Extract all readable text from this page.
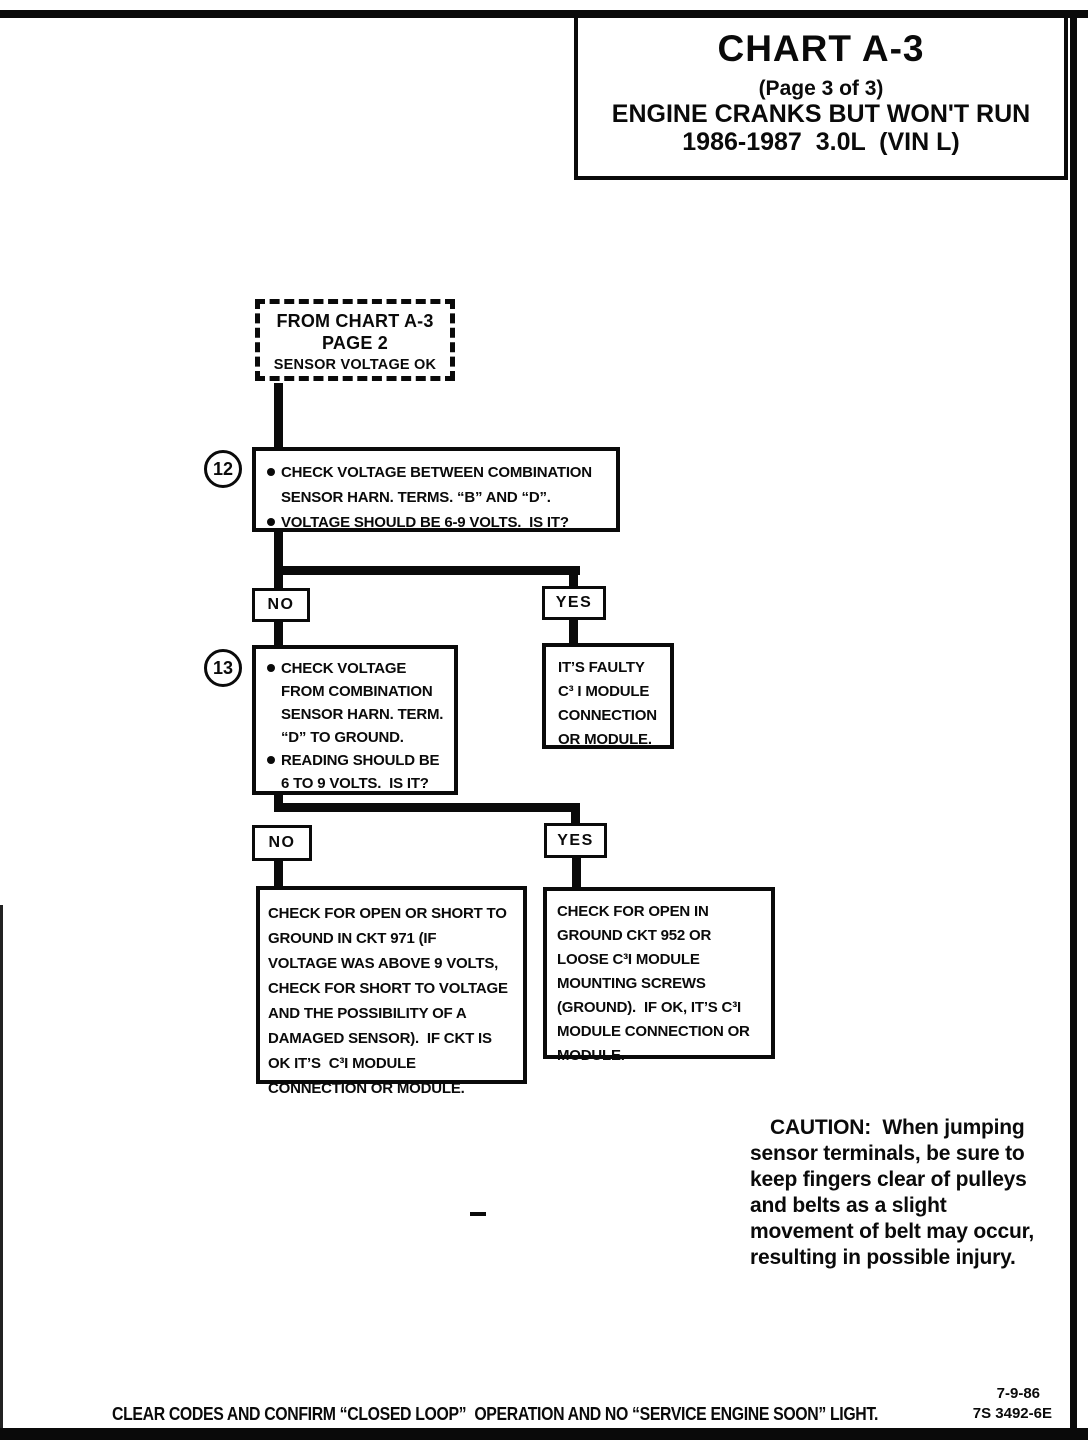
CHART A-3
(Page 3 of 3)
ENGINE CRANKS BUT WON'T RUN
1986-1987  3.0L  (VIN L)
FROM CHART A-3
PAGE 2
SENSOR VOLTAGE OK
12	CHECK VOLTAGE BETWEEN COMBINATION
SENSOR HARN. TERMS. “B” AND “D”.
VOLTAGE SHOULD BE 6-9 VOLTS.  IS IT?
NO	YES
13	CHECK VOLTAGE
FROM COMBINATION
SENSOR HARN. TERM.
“D” TO GROUND.
READING SHOULD BE
6 TO 9 VOLTS.  IS IT?
IT’S FAULTY
C³ I MODULE
CONNECTION
OR MODULE.
NO	YES
CHECK FOR OPEN OR SHORT TO
GROUND IN CKT 971 (IF
VOLTAGE WAS ABOVE 9 VOLTS,
CHECK FOR SHORT TO VOLTAGE
AND THE POSSIBILITY OF A
DAMAGED SENSOR).  IF CKT IS
OK IT’S  C³I MODULE
CONNECTION OR MODULE.
CHECK FOR OPEN IN
GROUND CKT 952 OR
LOOSE C³I MODULE
MOUNTING SCREWS
(GROUND).  IF OK, IT’S C³I
MODULE CONNECTION OR
MODULE.
CAUTION:  When jumping
sensor terminals, be sure to
keep fingers clear of pulleys
and belts as a slight
movement of belt may occur,
resulting in possible injury.
CLEAR CODES AND CONFIRM “CLOSED LOOP”  OPERATION AND NO “SERVICE ENGINE SOON” LIGHT.
7-9-86
7S 3492-6E
